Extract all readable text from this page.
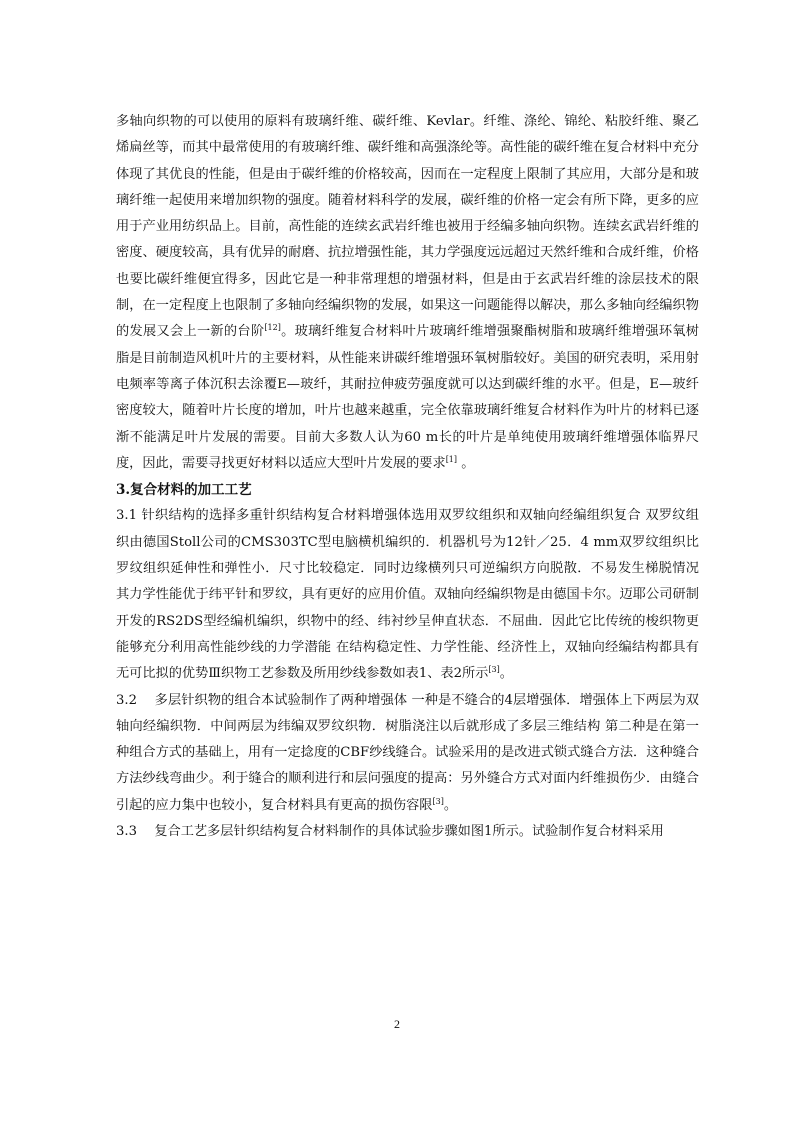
多轴向织物的可以使用的原料有玻璃纤维、碳纤维、Kevlar。纤维、涤纶、锦纶、粘胶纤维、聚乙烯扁丝等，而其中最常使用的有玻璃纤维、碳纤维和高强涤纶等。高性能的碳纤维在复合材料中充分体现了其优良的性能，但是由于碳纤维的价格较高，因而在一定程度上限制了其应用，大部分是和玻璃纤维一起使用来增加织物的强度。随着材料科学的发展，碳纤维的价格一定会有所下降，更多的应用于产业用纺织品上。目前，高性能的连续玄武岩纤维也被用于经编多轴向织物。连续玄武岩纤维的密度、硬度较高，具有优异的耐磨、抗拉增强性能，其力学强度远远超过天然纤维和合成纤维，价格也要比碳纤维便宜得多，因此它是一种非常理想的增强材料，但是由于玄武岩纤维的涂层技术的限制，在一定程度上也限制了多轴向经编织物的发展，如果这一问题能得以解决，那么多轴向经编织物的发展又会上一新的台阶[12]。玻璃纤维复合材料叶片玻璃纤维增强聚酯树脂和玻璃纤维增强环氧树脂是目前制造风机叶片的主要材料，从性能来讲碳纤维增强环氧树脂较好。美国的研究表明，采用射电频率等离子体沉积去涂覆E—玻纤，其耐拉伸疲劳强度就可以达到碳纤维的水平。但是，E—玻纤密度较大，随着叶片长度的增加，叶片也越来越重，完全依靠玻璃纤维复合材料作为叶片的材料已逐渐不能满足叶片发展的需要。目前大多数人认为60 m长的叶片是单纯使用玻璃纤维增强体临界尺度，因此，需要寻找更好材料以适应大型叶片发展的要求[1] 。

3.复合材料的加工工艺

3.1 针织结构的选择多重针织结构复合材料增强体选用双罗纹组织和双轴向经编组织复合 双罗纹组织由德国Stoll公司的CMS303TC型电脑横机编织的．机器机号为12针／25．4 mm双罗纹组织比罗纹组织延伸性和弹性小．尺寸比较稳定．同时边缘横列只可逆编织方向脱散．不易发生梯脱情况 其力学性能优于纬平针和罗纹，具有更好的应用价值。双轴向经编织物是由德国卡尔。迈耶公司研制开发的RS2DS型经编机编织，织物中的经、纬衬纱呈伸直状态．不屈曲．因此它比传统的梭织物更能够充分利用高性能纱线的力学潜能 在结构稳定性、力学性能、经济性上，双轴向经编结构都具有无可比拟的优势Ⅲ织物工艺参数及所用纱线参数如表1、表2所示[3]。

3.2　 多层针织物的组合本试验制作了两种增强体 一种是不缝合的4层增强体．增强体上下两层为双轴向经编织物．中间两层为纬编双罗纹织物．树脂浇注以后就形成了多层三维结构 第二种是在第一种组合方式的基础上，用有一定捻度的CBF纱线缝合。试验采用的是改进式锁式缝合方法．这种缝合方法纱线弯曲少。利于缝合的顺利进行和层问强度的提高：另外缝合方式对面内纤维损伤少．由缝合引起的应力集中也较小，复合材料具有更高的损伤容限[3]。

3.3　 复合工艺多层针织结构复合材料制作的具体试验步骤如图1所示。试验制作复合材料采用

2
